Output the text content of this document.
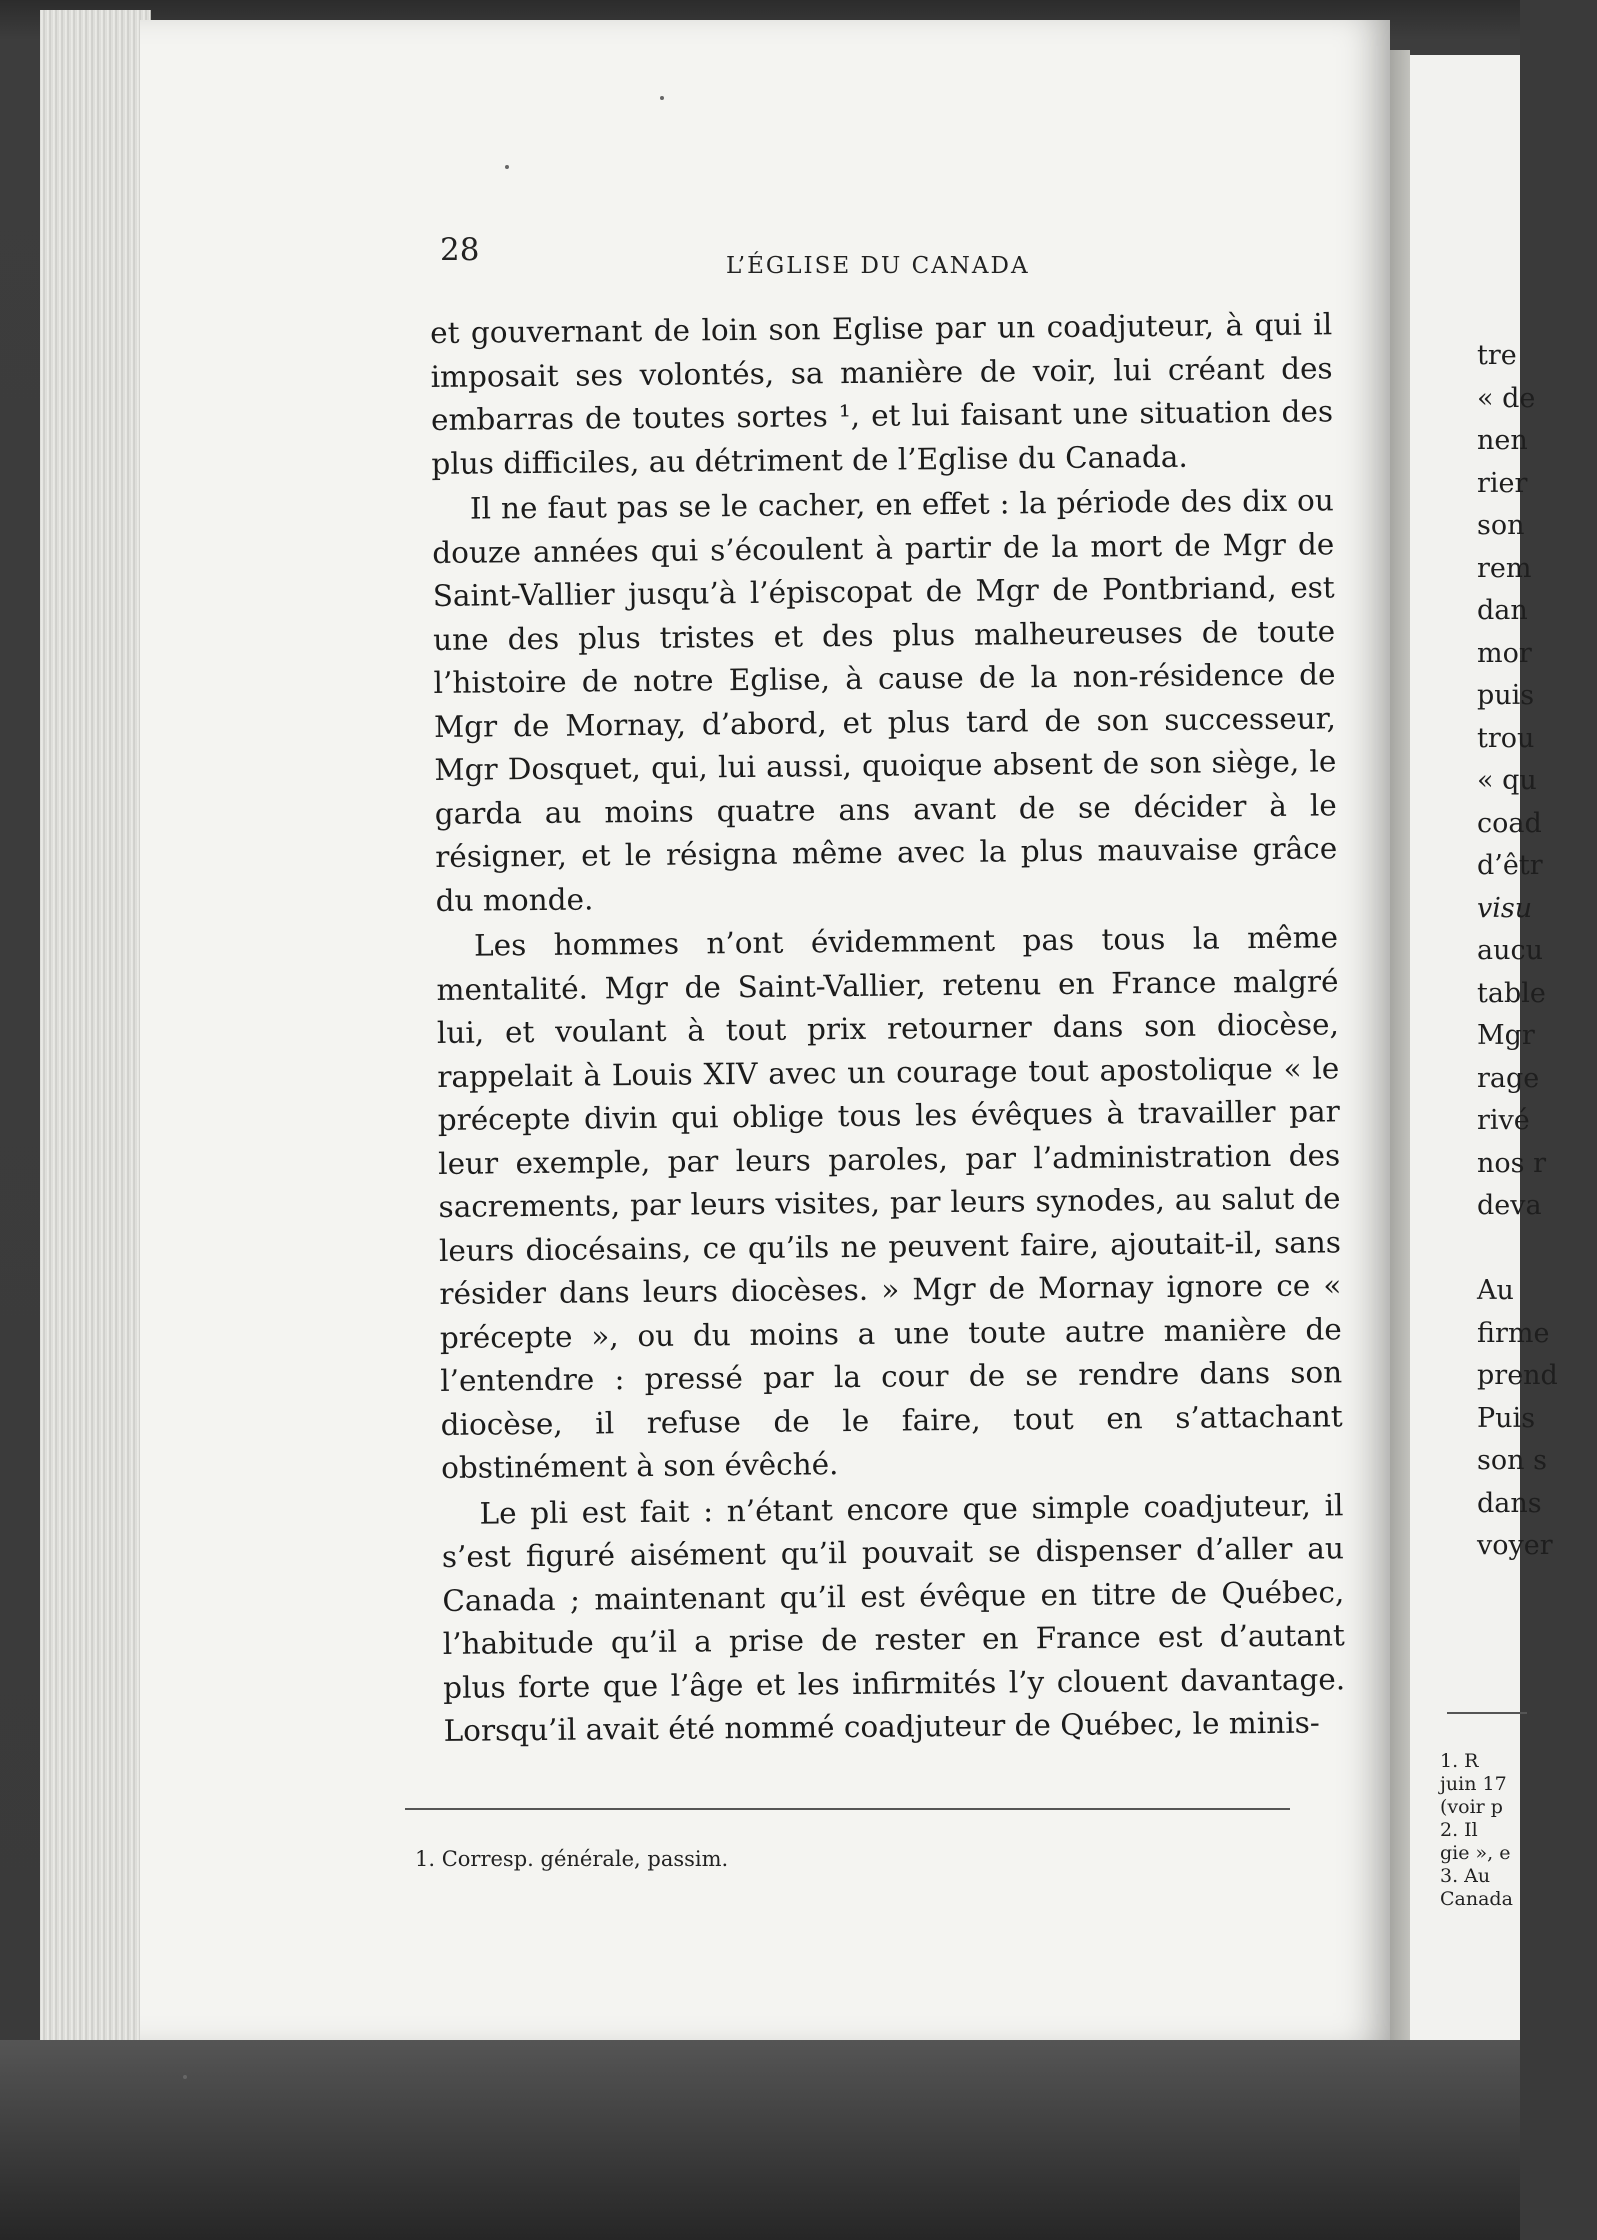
28	L’ÉGLISE DU CANADA

et gouvernant de loin son Eglise par un coadjuteur, à qui il imposait ses volontés, sa manière de voir, lui créant des embarras de toutes sortes ¹, et lui faisant une situation des plus difficiles, au détriment de l’Eglise du Canada.

Il ne faut pas se le cacher, en effet : la période des dix ou douze années qui s’écoulent à partir de la mort de Mgr de Saint-Vallier jusqu’à l’épiscopat de Mgr de Pontbriand, est une des plus tristes et des plus malheureuses de toute l’histoire de notre Eglise, à cause de la non-résidence de Mgr de Mornay, d’abord, et plus tard de son successeur, Mgr Dosquet, qui, lui aussi, quoique absent de son siège, le garda au moins quatre ans avant de se décider à le résigner, et le résigna même avec la plus mauvaise grâce du monde.

Les hommes n’ont évidemment pas tous la même mentalité. Mgr de Saint-Vallier, retenu en France malgré lui, et voulant à tout prix retourner dans son diocèse, rappelait à Louis XIV avec un courage tout apostolique « le précepte divin qui oblige tous les évêques à travailler par leur exemple, par leurs paroles, par l’administration des sacrements, par leurs visites, par leurs synodes, au salut de leurs diocésains, ce qu’ils ne peuvent faire, ajoutait-il, sans résider dans leurs diocèses. » Mgr de Mornay ignore ce « précepte », ou du moins a une toute autre manière de l’entendre : pressé par la cour de se rendre dans son diocèse, il refuse de le faire, tout en s’attachant obstinément à son évêché.

Le pli est fait : n’étant encore que simple coadjuteur, il s’est figuré aisément qu’il pouvait se dispenser d’aller au Canada ; maintenant qu’il est évêque en titre de Québec, l’habitude qu’il a prise de rester en France est d’autant plus forte que l’âge et les infirmités l’y clouent davantage. Lorsqu’il avait été nommé coadjuteur de Québec, le minis-

1. Corresp. générale, passim.

tre
« de
nen
rier
son
rem
dan
mor
puis
trou
« qu
coad
d’êtr
visu
aucu
table
Mgr
rage
rivé
nos r
deva
Au
firme
prend
Puis
son s
dans
voyer
1. R
juin 17
(voir p
2. Il
gie », e
3. Au
Canada
